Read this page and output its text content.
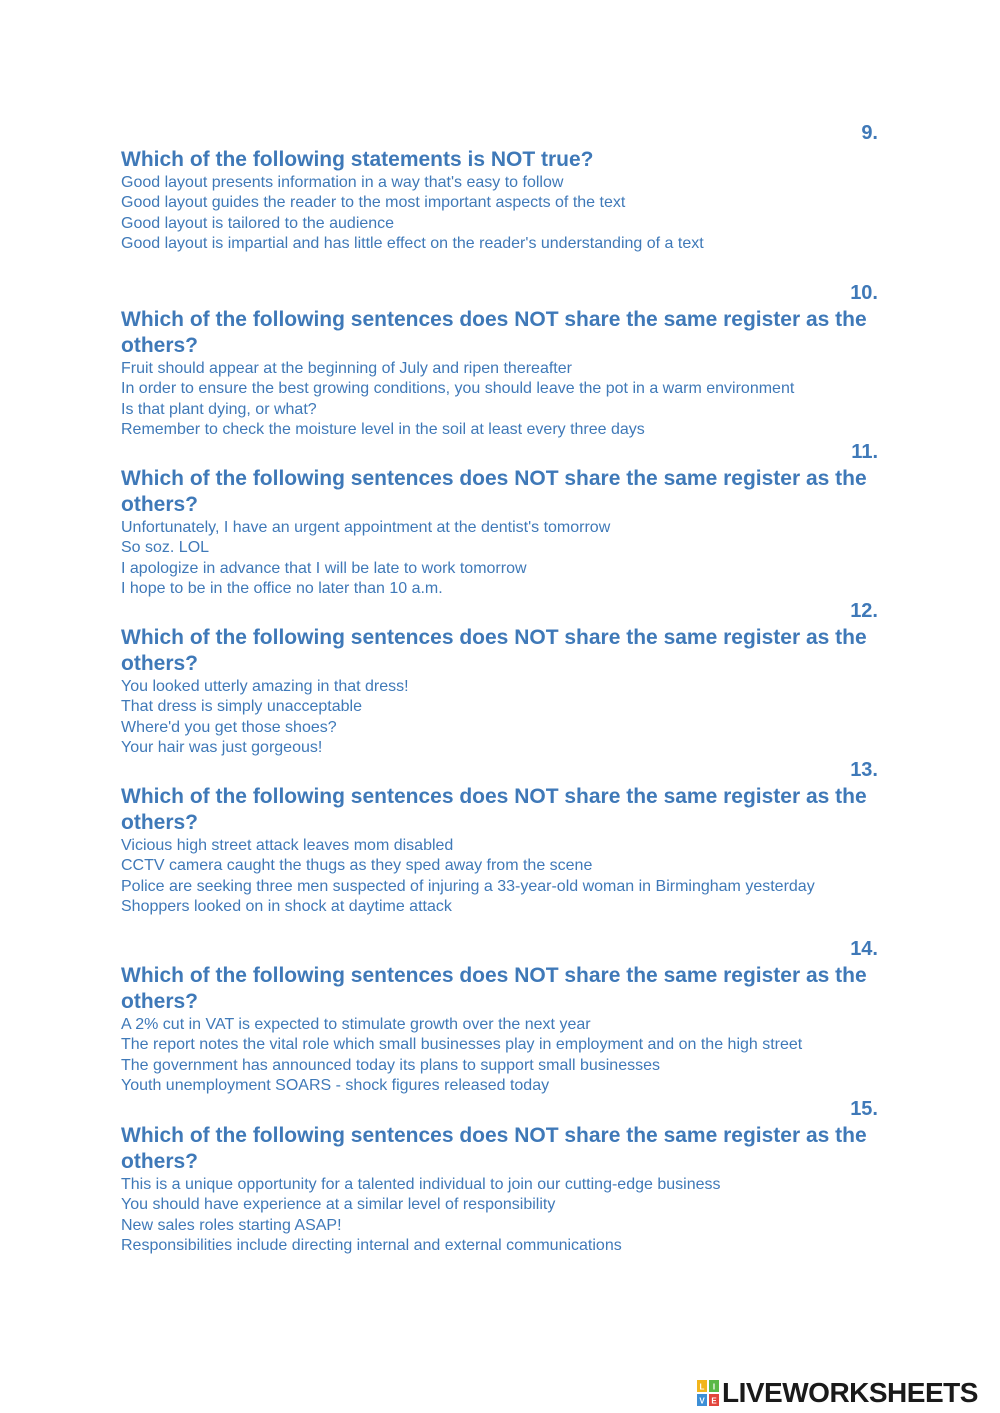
9.
Which of the following statements is NOT true?
Good layout presents information in a way that's easy to follow
Good layout guides the reader to the most important aspects of the text
Good layout is tailored to the audience
Good layout is impartial and has little effect on the reader's understanding of a text
10.
Which of the following sentences does NOT share the same register as the others?
Fruit should appear at the beginning of July and ripen thereafter
In order to ensure the best growing conditions, you should leave the pot in a warm environment
Is that plant dying, or what?
Remember to check the moisture level in the soil at least every three days
11.
Which of the following sentences does NOT share the same register as the others?
Unfortunately, I have an urgent appointment at the dentist's tomorrow
So soz. LOL
I apologize in advance that I will be late to work tomorrow
I hope to be in the office no later than 10 a.m.
12.
Which of the following sentences does NOT share the same register as the others?
You looked utterly amazing in that dress!
That dress is simply unacceptable
Where'd you get those shoes?
Your hair was just gorgeous!
13.
Which of the following sentences does NOT share the same register as the others?
Vicious high street attack leaves mom disabled
CCTV camera caught the thugs as they sped away from the scene
Police are seeking three men suspected of injuring a 33-year-old woman in Birmingham yesterday
Shoppers looked on in shock at daytime attack
14.
Which of the following sentences does NOT share the same register as the others?
A 2% cut in VAT is expected to stimulate growth over the next year
The report notes the vital role which small businesses play in employment and on the high street
The government has announced today its plans to support small businesses
Youth unemployment SOARS - shock figures released today
15.
Which of the following sentences does NOT share the same register as the others?
This is a unique opportunity for a talented individual to join our cutting-edge business
You should have experience at a similar level of responsibility
New sales roles starting ASAP!
Responsibilities include directing internal and external communications
L I
V E LIVEWORKSHEETS
